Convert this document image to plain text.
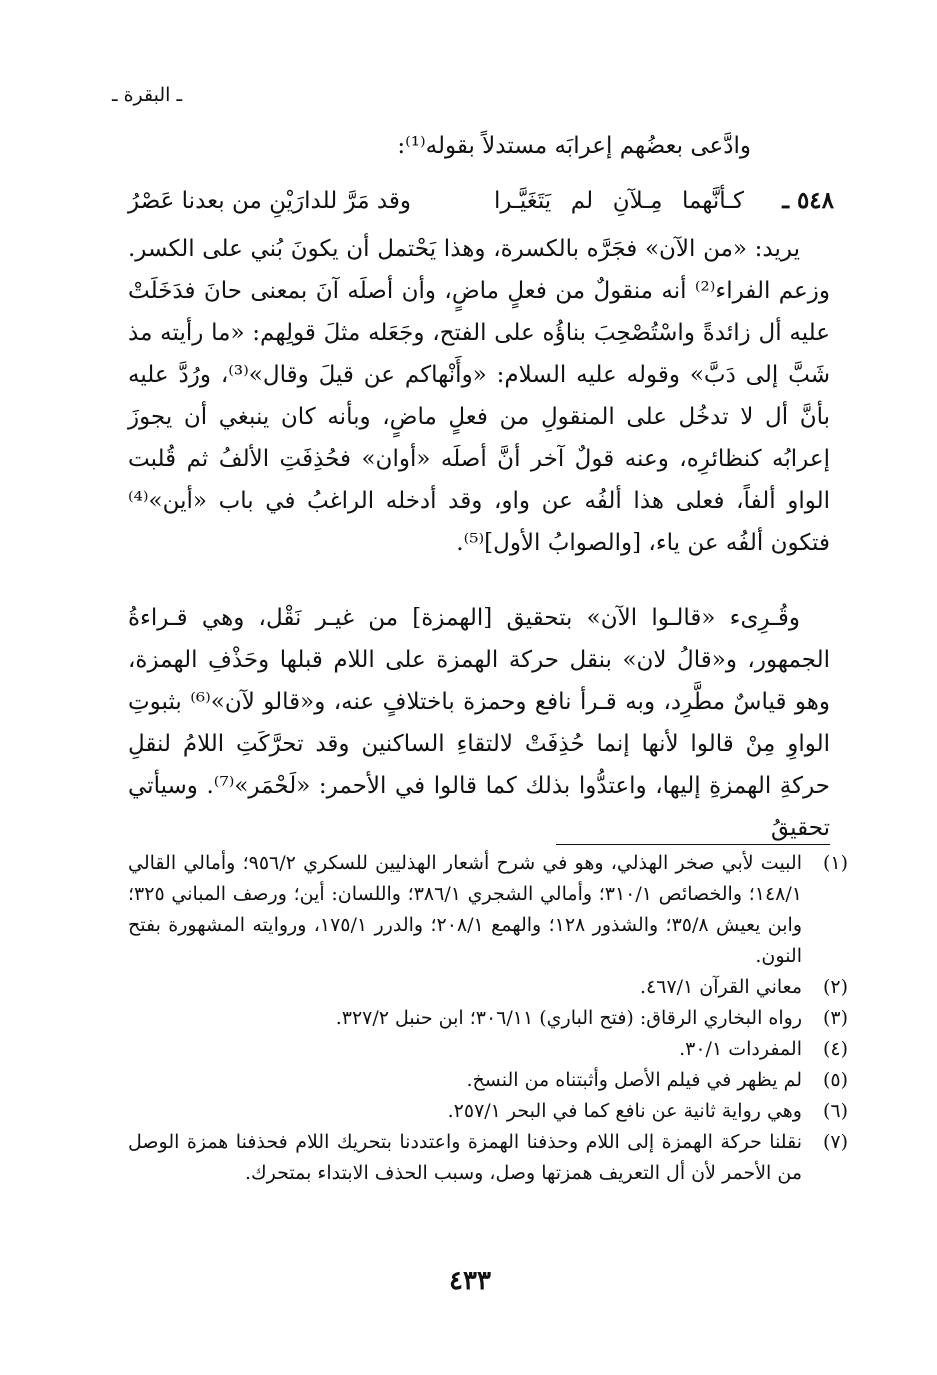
ـ البقرة ـ
وادَّعى بعضُهم إعرابَه مستدلاً بقوله⁽¹⁾:
٥٤٨ ـ
كـأنَّهما مِـلآنِ لم يَتَغَيَّـرا
وقد مَرَّ للدارَيْنِ من بعدنا عَصْرُ

يريد: «من الآن» فجَرَّه بالكسرة، وهذا يَحْتمل أن يكونَ بُني على الكسر. وزعم الفراء⁽²⁾ أنه منقولٌ من فعلٍ ماضٍ، وأن أصلَه آنَ بمعنى حانَ فدَخَلَتْ عليه أل زائدةً واسْتُصْحِبَ بناؤُه على الفتح، وجَعَله مثلَ قولِهم: «ما رأيته مذ شَبَّ إلى دَبَّ» وقوله عليه السلام: «وأَنْهاكم عن قيلَ وقال»⁽³⁾، ورُدَّ عليه بأنَّ أل لا تدخُل على المنقولِ من فعلٍ ماضٍ، وبأنه كان ينبغي أن يجوزَ إعرابُه كنظائرِه، وعنه قولٌ آخر أنَّ أصلَه «أوان» فحُذِفَتِ الألفُ ثم قُلبت الواو ألفاً، فعلى هذا ألفُه عن واو، وقد أدخله الراغبُ في باب «أين»⁽⁴⁾ فتكون ألفُه عن ياء، [والصوابُ الأول]⁽⁵⁾.

وقُـرِىء «قالـوا الآن» بتحقيق [الهمزة] من غيـر نَقْل، وهي قـراءةُ الجمهور، و«قالُ لان» بنقل حركة الهمزة على اللام قبلها وحَذْفِ الهمزة، وهو قياسٌ مطَّرِد، وبه قـرأ نافع وحمزة باختلافٍ عنه، و«قالو لآن»⁽⁶⁾ بثبوتِ الواوِ مِنْ قالوا لأنها إنما حُذِفَتْ لالتقاءِ الساكنين وقد تحرَّكَتِ اللامُ لنقلِ حركةِ الهمزةِ إليها، واعتدُّوا بذلك كما قالوا في الأحمر: «لَحْمَر»⁽⁷⁾. وسيأتي تحقيقُ

(١)
البيت لأبي صخر الهذلي، وهو في شرح أشعار الهذليين للسكري ٩٥٦/٢؛ وأمالي القالي ١٤٨/١؛ والخصائص ٣١٠/١؛ وأمالي الشجري ٣٨٦/١؛ واللسان: أين؛ ورصف المباني ٣٢٥؛ وابن يعيش ٣٥/٨؛ والشذور ١٢٨؛ والهمع ٢٠٨/١؛ والدرر ١٧٥/١، وروايته المشهورة بفتح النون.
(٢)
معاني القرآن ٤٦٧/١.
(٣)
رواه البخاري الرقاق: (فتح الباري) ٣٠٦/١١؛ ابن حنبل ٣٢٧/٢.
(٤)
المفردات ٣٠/١.
(٥)
لم يظهر في فيلم الأصل وأثبتناه من النسخ.
(٦)
وهي رواية ثانية عن نافع كما في البحر ٢٥٧/١.
(٧)
نقلنا حركة الهمزة إلى اللام وحذفنا الهمزة واعتددنا بتحريك اللام فحذفنا همزة الوصل من الأحمر لأن أل التعريف همزتها وصل، وسبب الحذف الابتداء بمتحرك.
٤٣٣
